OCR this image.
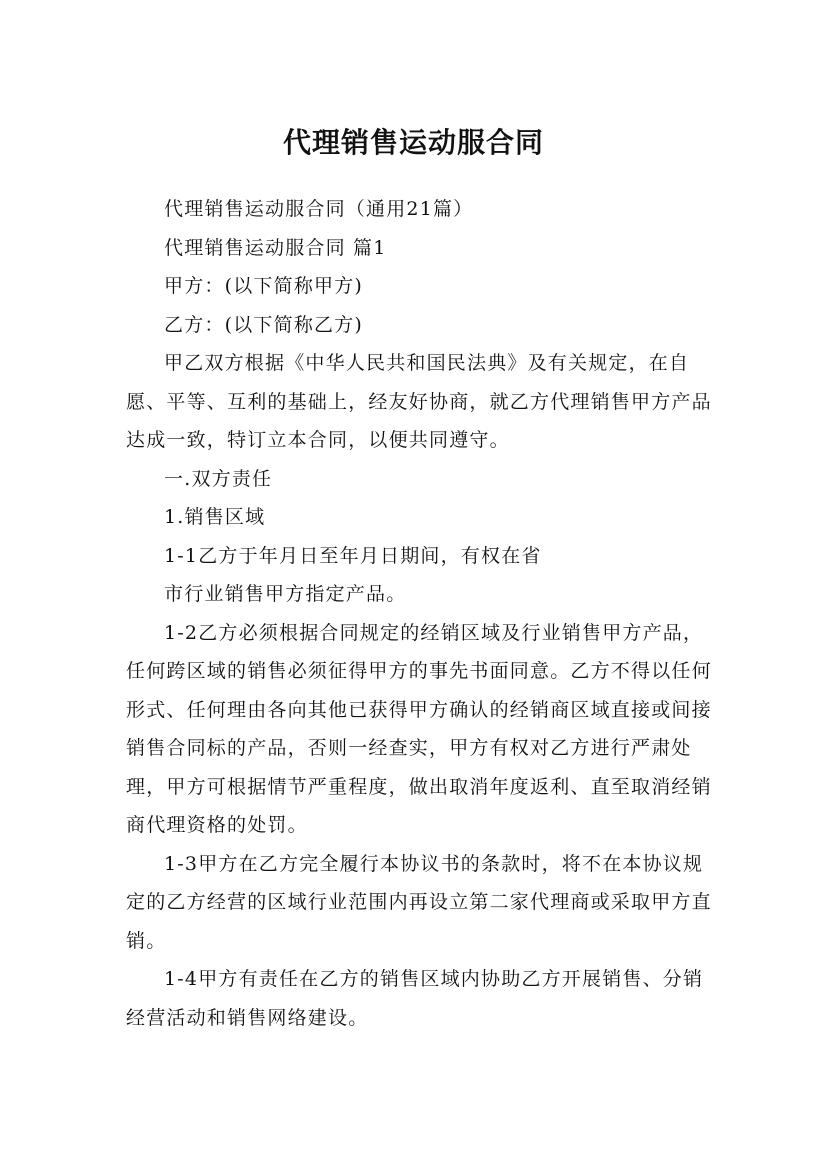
代理销售运动服合同

代理销售运动服合同（通用21篇）

代理销售运动服合同 篇1

甲方：(以下简称甲方)

乙方：(以下简称乙方)

甲乙双方根据《中华人民共和国民法典》及有关规定，在自愿、平等、互利的基础上，经友好协商，就乙方代理销售甲方产品达成一致，特订立本合同，以便共同遵守。

一.双方责任

1.销售区域

1-1乙方于年月日至年月日期间，有权在省

市行业销售甲方指定产品。

1-2乙方必须根据合同规定的经销区域及行业销售甲方产品，任何跨区域的销售必须征得甲方的事先书面同意。乙方不得以任何形式、任何理由各向其他已获得甲方确认的经销商区域直接或间接销售合同标的产品，否则一经查实，甲方有权对乙方进行严肃处理，甲方可根据情节严重程度，做出取消年度返利、直至取消经销商代理资格的处罚。

1-3甲方在乙方完全履行本协议书的条款时，将不在本协议规定的乙方经营的区域行业范围内再设立第二家代理商或采取甲方直销。

1-4甲方有责任在乙方的销售区域内协助乙方开展销售、分销经营活动和销售网络建设。
